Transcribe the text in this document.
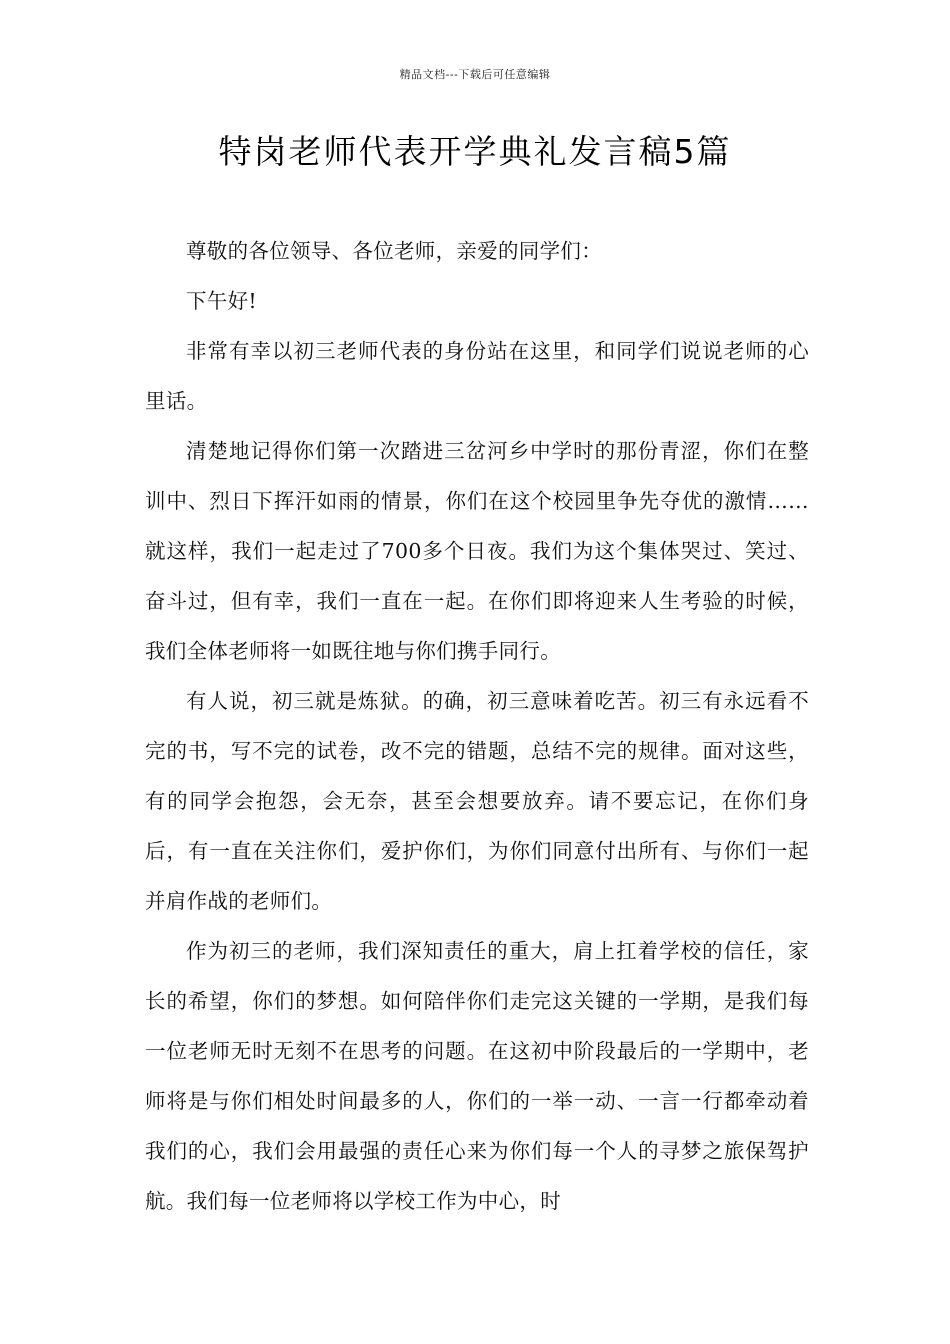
精品文档---下载后可任意编辑
特岗老师代表开学典礼发言稿5篇

尊敬的各位领导、各位老师，亲爱的同学们：

下午好!

非常有幸以初三老师代表的身份站在这里，和同学们说说老师的心里话。

清楚地记得你们第一次踏进三岔河乡中学时的那份青涩，你们在整训中、烈日下挥汗如雨的情景，你们在这个校园里争先夺优的激情……就这样，我们一起走过了700多个日夜。我们为这个集体哭过、笑过、奋斗过，但有幸，我们一直在一起。在你们即将迎来人生考验的时候，我们全体老师将一如既往地与你们携手同行。

有人说，初三就是炼狱。的确，初三意味着吃苦。初三有永远看不完的书，写不完的试卷，改不完的错题，总结不完的规律。面对这些，有的同学会抱怨，会无奈，甚至会想要放弃。请不要忘记，在你们身后，有一直在关注你们，爱护你们，为你们同意付出所有、与你们一起并肩作战的老师们。

作为初三的老师，我们深知责任的重大，肩上扛着学校的信任，家长的希望，你们的梦想。如何陪伴你们走完这关键的一学期，是我们每一位老师无时无刻不在思考的问题。在这初中阶段最后的一学期中，老师将是与你们相处时间最多的人，你们的一举一动、一言一行都牵动着我们的心，我们会用最强的责任心来为你们每一个人的寻梦之旅保驾护航。我们每一位老师将以学校工作为中心，时
